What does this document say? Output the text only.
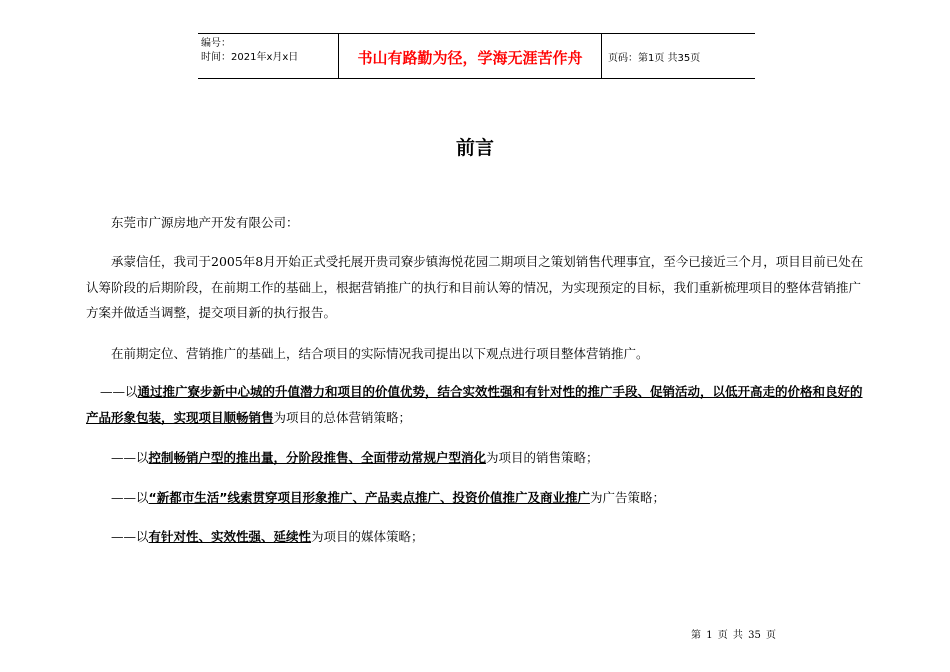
编号：
时间：2021年x月x日	书山有路勤为径，学海无涯苦作舟	页码：第1页 共35页
前言

东莞市广源房地产开发有限公司：

承蒙信任，我司于2005年8月开始正式受托展开贵司寮步镇海悦花园二期项目之策划销售代理事宜，至今已接近三个月，项目目前已处在认筹阶段的后期阶段，在前期工作的基础上，根据营销推广的执行和目前认筹的情况，为实现预定的目标，我们重新梳理项目的整体营销推广方案并做适当调整，提交项目新的执行报告。

在前期定位、营销推广的基础上，结合项目的实际情况我司提出以下观点进行项目整体营销推广。

——以通过推广寮步新中心城的升值潜力和项目的价值优势，结合实效性强和有针对性的推广手段、促销活动，以低开高走的价格和良好的产品形象包装，实现项目顺畅销售为项目的总体营销策略；

——以控制畅销户型的推出量，分阶段推售、全面带动常规户型消化为项目的销售策略；

——以“新都市生活”线索贯穿项目形象推广、产品卖点推广、投资价值推广及商业推广为广告策略；

——以有针对性、实效性强、延续性为项目的媒体策略；

第 1 页 共 35 页
